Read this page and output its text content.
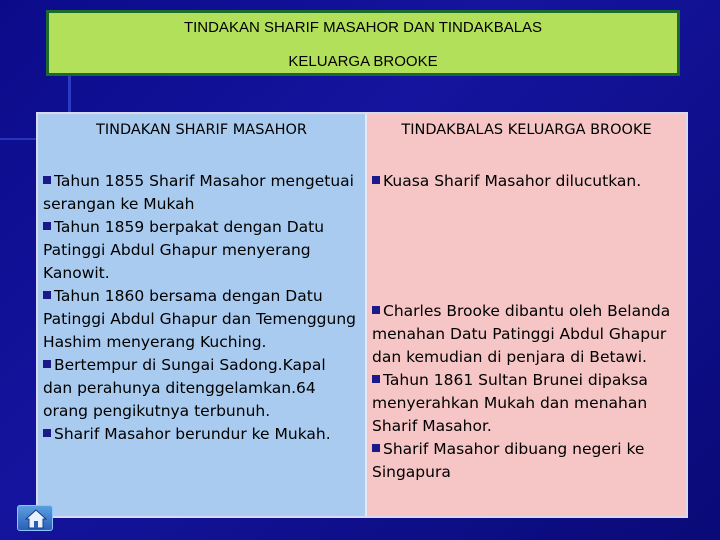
TINDAKAN SHARIF MASAHOR DAN TINDAKBALAS
KELUARGA BROOKE
TINDAKAN SHARIF MASAHOR

Tahun 1855 Sharif Masahor mengetuai serangan ke Mukah

Tahun 1859 berpakat dengan Datu Patinggi Abdul Ghapur menyerang Kanowit.

Tahun 1860 bersama dengan Datu Patinggi Abdul Ghapur dan Temenggung Hashim menyerang Kuching.

Bertempur di Sungai Sadong.Kapal dan perahunya ditenggelamkan.64 orang pengikutnya terbunuh.

Sharif Masahor berundur ke Mukah.

TINDAKBALAS KELUARGA BROOKE

Kuasa Sharif Masahor dilucutkan.

Charles Brooke dibantu oleh Belanda menahan Datu Patinggi Abdul Ghapur dan kemudian di penjara di Betawi.

Tahun 1861 Sultan Brunei dipaksa menyerahkan Mukah dan menahan Sharif Masahor.

Sharif Masahor dibuang negeri ke Singapura
